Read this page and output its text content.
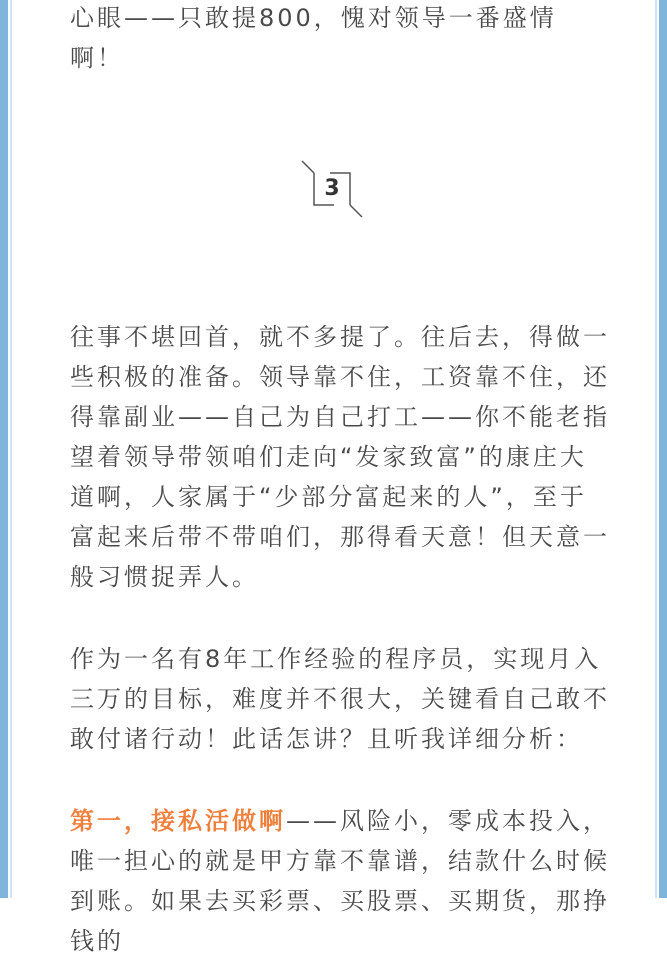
心眼——只敢提800，愧对领导一番盛情啊！

3

往事不堪回首，就不多提了。往后去，得做一些积极的准备。领导靠不住，工资靠不住，还得靠副业——自己为自己打工——你不能老指望着领导带领咱们走向“发家致富”的康庄大道啊，人家属于“少部分富起来的人”，至于富起来后带不带咱们，那得看天意！但天意一般习惯捉弄人。

作为一名有8年工作经验的程序员，实现月入三万的目标，难度并不很大，关键看自己敢不敢付诸行动！此话怎讲？且听我详细分析：

第一，接私活做啊——风险小，零成本投入，唯一担心的就是甲方靠不靠谱，结款什么时候到账。如果去买彩票、买股票、买期货，那挣钱的
